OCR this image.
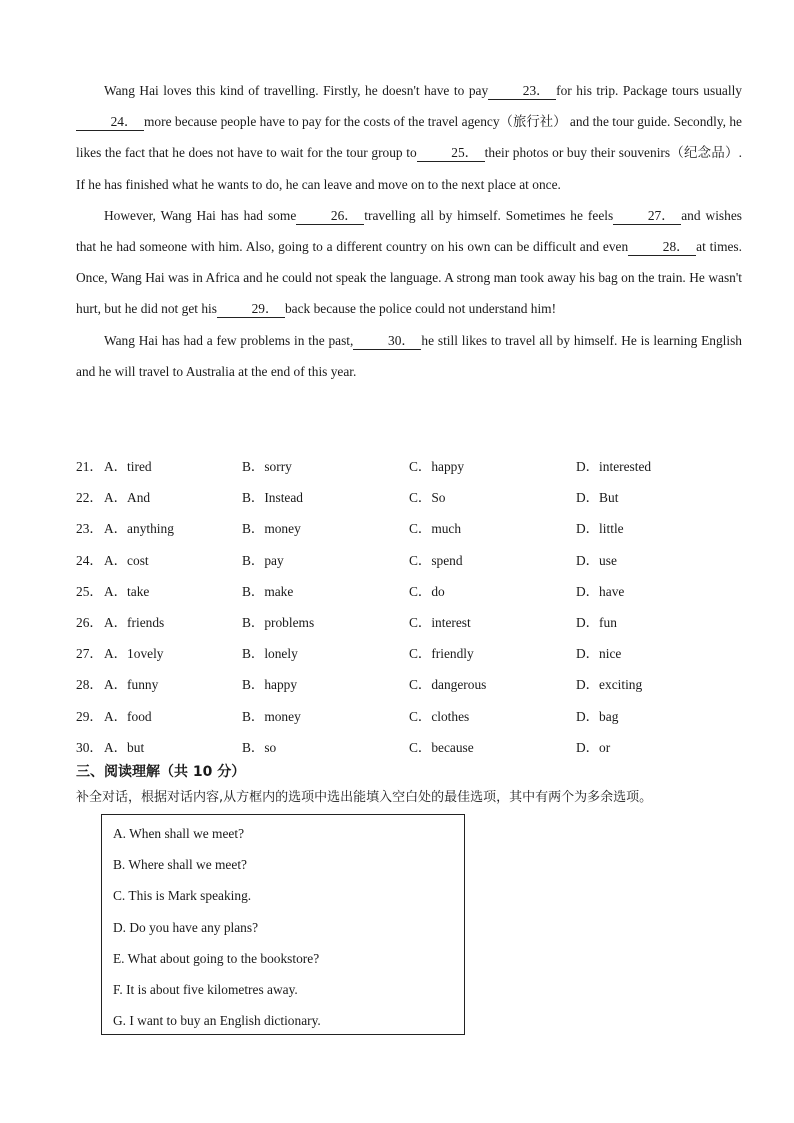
Wang Hai loves this kind of travelling. Firstly, he doesn't have to pay	23． for his trip. Package tours usually24． more because people have to pay for the costs of the travel agency（旅行社） and the tour guide. Secondly, he likes the fact that he does not have to wait for the tour group to	25． their photos or buy their souvenirs（纪念品）. If he has finished what he wants to do, he can leave and move on to the next place at once.

However, Wang Hai has had some	26． travelling all by himself. Sometimes he feels	27． and wishes that he had someone with him. Also, going to a different country on his own can be difficult and even	28． at times. Once, Wang Hai was in Africa and he could not speak the language. A strong man took away his bag on the train. He wasn't hurt, but he did not get his	29． back because the police could not understand him!

Wang Hai has had a few problems in the past,	30． he still likes to travel all by himself. He is learning English and he will travel to Australia at the end of this year.

21． A．tired	B．sorry	C．happy	D．interested
22． A．And	B．Instead	C．So	D．But
23． A．anything	B．money	C．much	D．little
24． A．cost	B．pay	C．spend	D．use
25． A．take	B．make	C．do	D．have
26． A．friends	B．problems	C．interest	D．fun
27． A．1ovely	B．lonely	C．friendly	D．nice
28． A．funny	B．happy	C．dangerous	D．exciting
29． A．food	B．money	C．clothes	D．bag
30． A．but	B．so	C．because	D．or
三、阅读理解（共 10 分）
补全对话，根据对话内容,从方框内的选项中选出能填入空白处的最佳选项，其中有两个为多余选项。
A. When shall we meet?
B. Where shall we meet?
C. This is Mark speaking.
D. Do you have any plans?
E. What about going to the bookstore?
F. It is about five kilometres away.
G. I want to buy an English dictionary.
